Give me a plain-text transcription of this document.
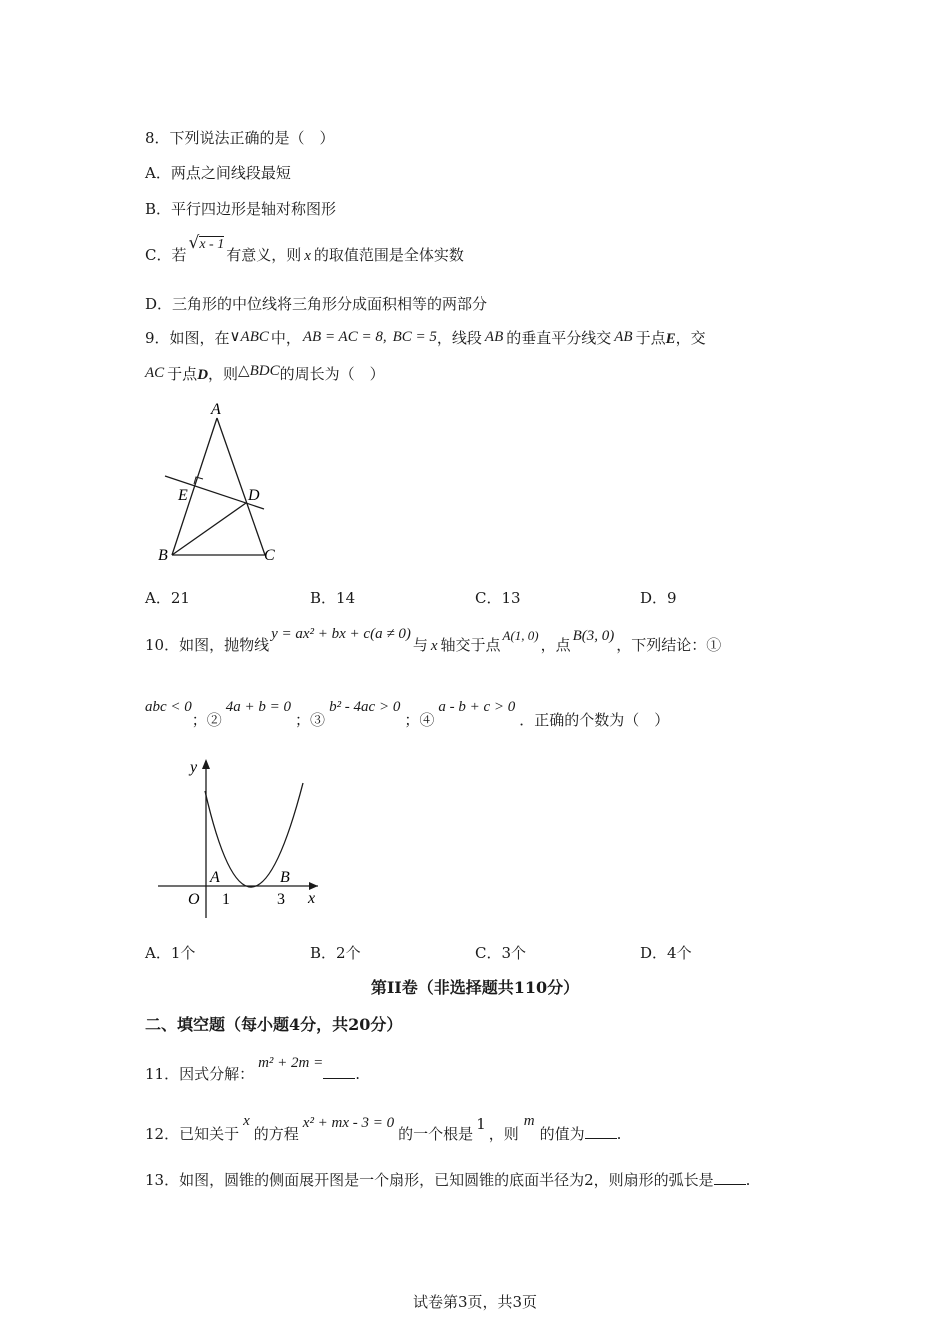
8．下列说法正确的是（　）
A．两点之间线段最短
B．平行四边形是轴对称图形
C．若√x - 1有意义，则 x 的取值范围是全体实数
D．三角形的中位线将三角形分成面积相等的两部分
9．如图，在∨ABC 中， AB = AC = 8, BC = 5，线段 AB 的垂直平分线交 AB 于点E，交
AC 于点D，则△BDC的周长为（　）
A
E	D
B	C
A．21	B．14	C．13	D．9
10．如图，抛物线y = ax² + bx + c(a ≠ 0)与 x 轴交于点A(1, 0)，点 B(3, 0) ，下列结论：①
abc < 0；②4a + b = 0；③b² - 4ac > 0；④a - b + c > 0．正确的个数为（　）
y
x
O
A	B
1	3
A．1个	B．2个	C．3个	D．4个
第II卷（非选择题共110分）
二、填空题（每小题4分，共20分）
11．因式分解：m² + 2m =.
12．已知关于x的方程x² + mx - 3 = 0的一个根是1，则m的值为 .
13．如图，圆锥的侧面展开图是一个扇形，已知圆锥的底面半径为2，则扇形的弧长是 .
试卷第3页，共3页
